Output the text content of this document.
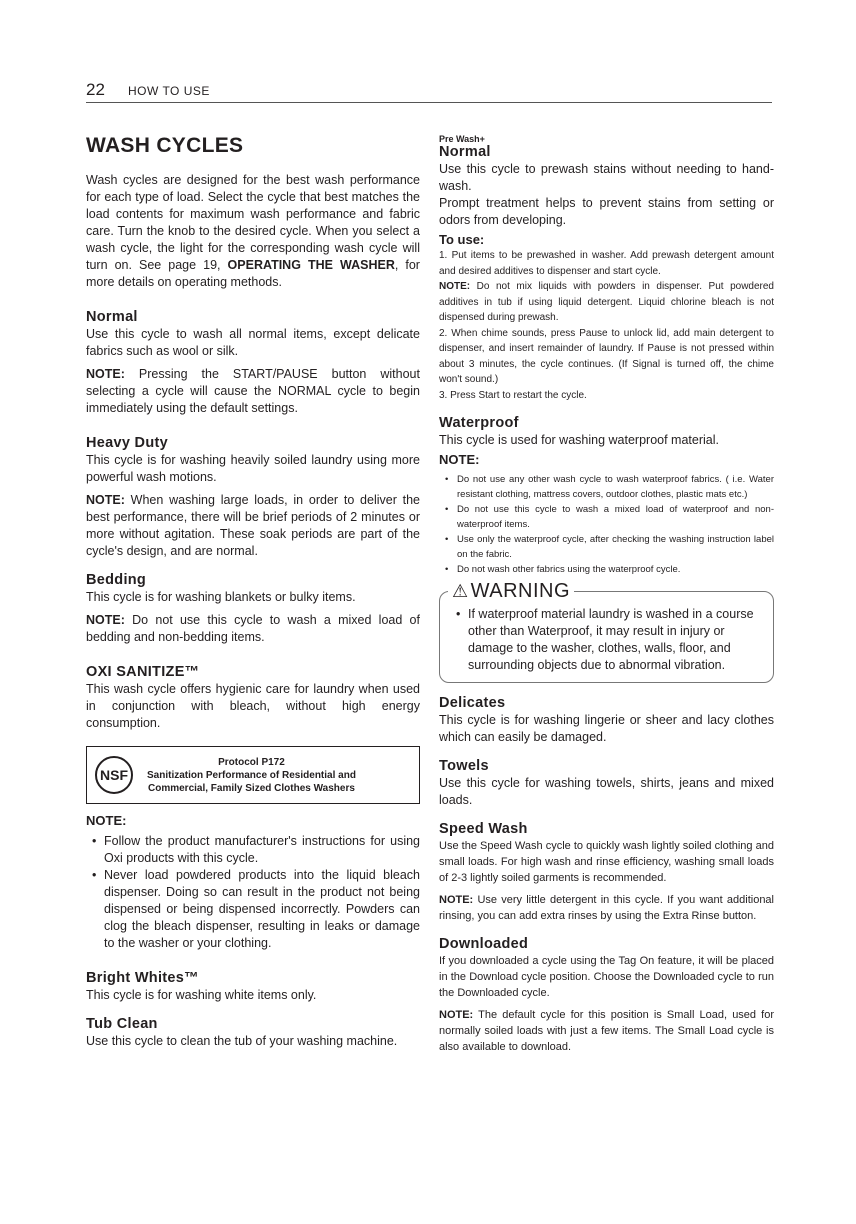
22 HOW TO USE
WASH CYCLES

Wash cycles are designed for the best wash performance for each type of load. Select the cycle that best matches the load contents for maximum wash performance and fabric care. Turn the knob to the desired cycle. When you select a wash cycle, the light for the corresponding wash cycle will turn on. See page 19, OPERATING THE WASHER, for more details on operating methods.

Normal

Use this cycle to wash all normal items, except delicate fabrics such as wool or silk.

NOTE: Pressing the START/PAUSE button without selecting a cycle will cause the NORMAL cycle to begin immediately using the default settings.

Heavy Duty

This cycle is for washing heavily soiled laundry using more powerful wash motions.

NOTE: When washing large loads, in order to deliver the best performance, there will be brief periods of 2 minutes or more without agitation. These soak periods are part of the cycle's design, and are normal.

Bedding

This cycle is for washing blankets or bulky items.

NOTE: Do not use this cycle to wash a mixed load of bedding and non-bedding items.

OXI SANITIZE™

This wash cycle offers hygienic care for laundry when used in conjunction with bleach, without high energy consumption.

NSF
Protocol P172
Sanitization Performance of Residential and
Commercial, Family Sized Clothes Washers
NOTE:
• Follow the product manufacturer's instructions for using Oxi products with this cycle.
• Never load powdered products into the liquid bleach dispenser. Doing so can result in the product not being dispensed or being dispensed incorrectly. Powders can clog the bleach dispenser, resulting in leaks or damage to the washer or your clothing.
Bright Whites™

This cycle is for washing white items only.

Tub Clean

Use this cycle to clean the tub of your washing machine.

Pre Wash+
Normal

Use this cycle to prewash stains without needing to hand-wash.

Prompt treatment helps to prevent stains from setting or odors from developing.

To use:

1. Put items to be prewashed in washer. Add prewash detergent amount and desired additives to dispenser and start cycle.

NOTE: Do not mix liquids with powders in dispenser. Put powdered additives in tub if using liquid detergent. Liquid chlorine bleach is not dispensed during prewash.

2. When chime sounds, press Pause to unlock lid, add main detergent to dispenser, and insert remainder of laundry. If Pause is not pressed within about 3 minutes, the cycle continues. (If Signal is turned off, the chime won't sound.)

3. Press Start to restart the cycle.

Waterproof

This cycle is used for washing waterproof material.

NOTE:
• Do not use any other wash cycle to wash waterproof fabrics. ( i.e. Water resistant clothing, mattress covers, outdoor clothes, plastic mats etc.)
• Do not use this cycle to wash a mixed load of waterproof and non-waterproof items.
• Use only the waterproof cycle, after checking the washing instruction label on the fabric.
• Do not wash other fabrics using the waterproof cycle.
⚠ WARNING
• If waterproof material laundry is washed in a course other than Waterproof, it may result in injury or damage to the washer, clothes, walls, floor, and surrounding objects due to abnormal vibration.
Delicates

This cycle is for washing lingerie or sheer and lacy clothes which can easily be damaged.

Towels

Use this cycle for washing towels, shirts, jeans and mixed loads.

Speed Wash

Use the Speed Wash cycle to quickly wash lightly soiled clothing and small loads. For high wash and rinse efficiency, washing small loads of 2-3 lightly soiled garments is recommended.

NOTE: Use very little detergent in this cycle. If you want additional rinsing, you can add extra rinses by using the Extra Rinse button.

Downloaded

If you downloaded a cycle using the Tag On feature, it will be placed in the Download cycle position. Choose the Downloaded cycle to run the Downloaded cycle.

NOTE: The default cycle for this position is Small Load, used for normally soiled loads with just a few items. The Small Load cycle is also available to download.
